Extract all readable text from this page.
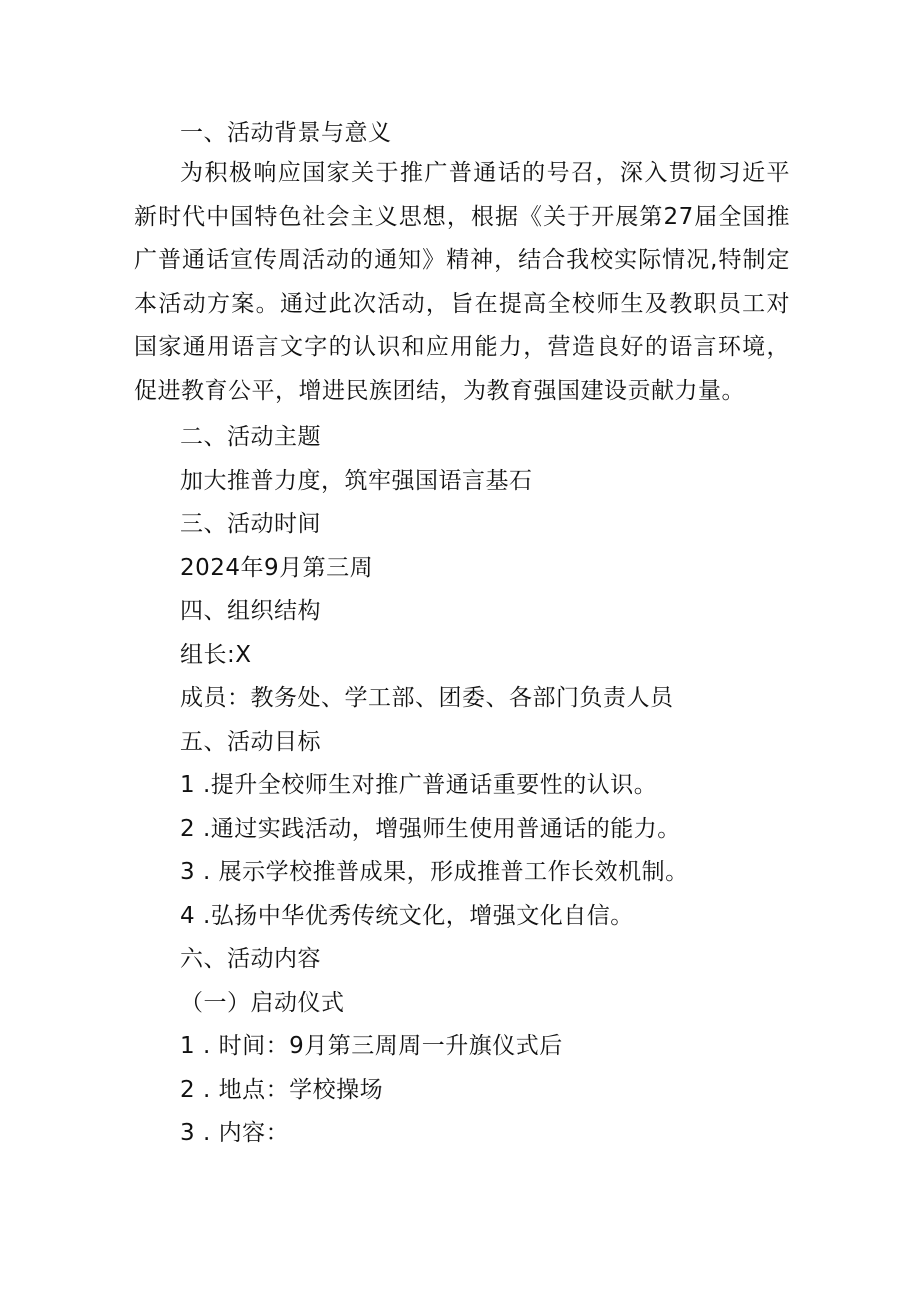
一、活动背景与意义
为积极响应国家关于推广普通话的号召，深入贯彻习近平新时代中国特色社会主义思想，根据《关于开展第27届全国推广普通话宣传周活动的通知》精神，结合我校实际情况,特制定本活动方案。通过此次活动，旨在提高全校师生及教职员工对国家通用语言文字的认识和应用能力，营造良好的语言环境，促进教育公平，增进民族团结，为教育强国建设贡献力量。
二、活动主题
加大推普力度，筑牢强国语言基石
三、活动时间
2024年9月第三周
四、组织结构
组长:X
成员：教务处、学工部、团委、各部门负责人员
五、活动目标
1 .提升全校师生对推广普通话重要性的认识。
2 .通过实践活动，增强师生使用普通话的能力。
3 . 展示学校推普成果，形成推普工作长效机制。
4 .弘扬中华优秀传统文化，增强文化自信。
六、活动内容
（一）启动仪式
1 . 时间：9月第三周周一升旗仪式后
2 . 地点：学校操场
3 . 内容：
